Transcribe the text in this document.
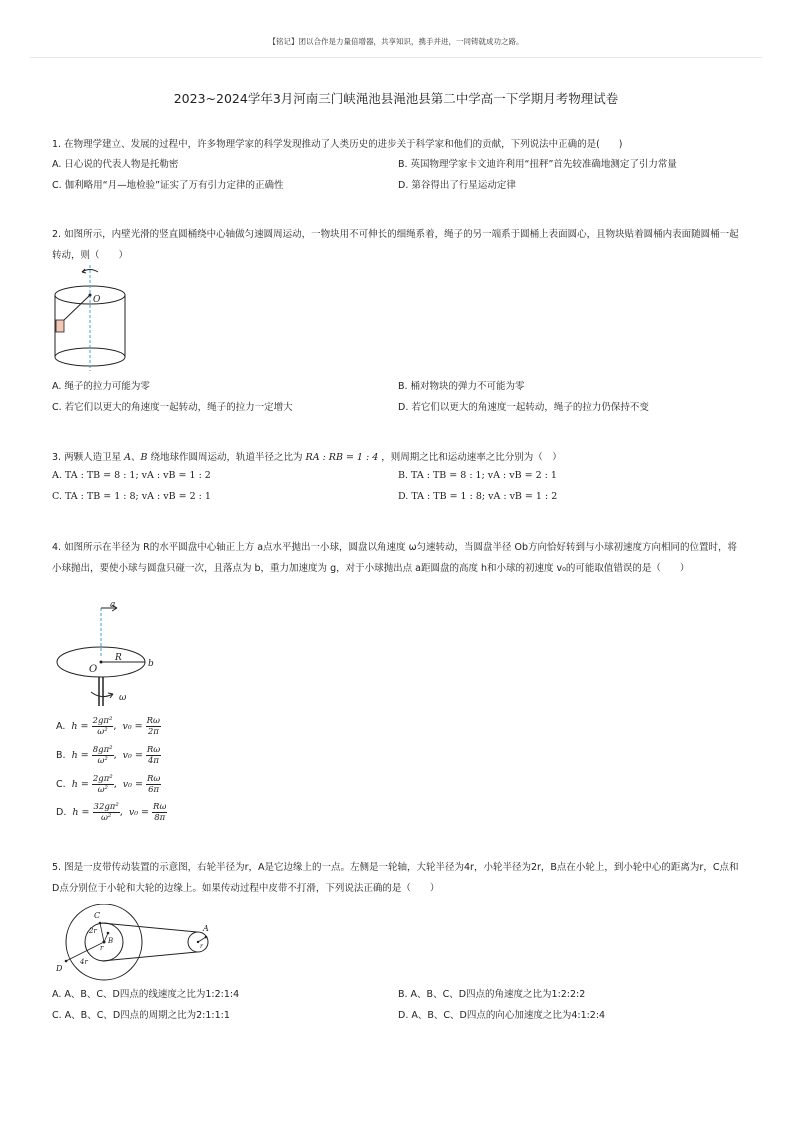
【铭记】团以合作是力量倍增器，共享知识，携手并进，一同铸就成功之路。
2023~2024学年3月河南三门峡渑池县渑池县第二中学高一下学期月考物理试卷
1. 在物理学建立、发展的过程中，许多物理学家的科学发现推动了人类历史的进步关于科学家和他们的贡献，下列说法中正确的是(　　)
A. 日心说的代表人物是托勒密	B. 英国物理学家卡文迪许利用“扭秤”首先较准确地测定了引力常量
C. 伽利略用“月—地检验”证实了万有引力定律的正确性	D. 第谷得出了行星运动定律
2. 如图所示，内壁光滑的竖直圆桶绕中心轴做匀速圆周运动，一物块用不可伸长的细绳系着，绳子的另一端系于圆桶上表面圆心，且物块贴着圆桶内表面随圆桶一起转动，则（　　）
O
A. 绳子的拉力可能为零	B. 桶对物块的弹力不可能为零
C. 若它们以更大的角速度一起转动，绳子的拉力一定增大	D. 若它们以更大的角速度一起转动，绳子的拉力仍保持不变
3. 两颗人造卫星 A、B 绕地球作圆周运动，轨道半径之比为 RA : RB = 1 : 4 ，则周期之比和运动速率之比分别为（　）
A. TA : TB = 8 : 1; vA : vB = 1 : 2	B. TA : TB = 8 : 1; vA : vB = 2 : 1
C. TA : TB = 1 : 8; vA : vB = 2 : 1	D. TA : TB = 1 : 8; vA : vB = 1 : 2
4. 如图所示在半径为 R的水平圆盘中心轴正上方 a点水平抛出一小球，圆盘以角速度 ω匀速转动，当圆盘半径 Ob方向恰好转到与小球初速度方向相同的位置时，将小球抛出，要使小球与圆盘只碰一次，且落点为 b，重力加速度为 g，对于小球抛出点 a距圆盘的高度 h和小球的初速度 v₀的可能取值错误的是（　　）
a
O
R
b
ω
A. $h = \frac{\text{2gπ²}}{\text{ω²}}$ ,  $v_0 = \frac{R\omega}{2\pi}$
B. $h = \frac{\text{8gπ²}}{\text{ω²}}$ ,  $v_0 = \frac{R\omega}{4\pi}$
C. $h = \frac{\text{2gπ²}}{\text{ω²}}$ ,  $v_0 = \frac{R\omega}{6\pi}$
D. $h = \frac{\text{32gπ²}}{\text{ω²}}$ ,  $v_0 = \frac{R\omega}{8\pi}$
5. 图是一皮带传动装置的示意图，右轮半径为r，A是它边缘上的一点。左侧是一轮轴，大轮半径为4r，小轮半径为2r，B点在小轮上，到小轮中心的距离为r，C点和D点分别位于小轮和大轮的边缘上。如果传动过程中皮带不打滑，下列说法正确的是（　　）
C
2r
B
r
4r
D
A
r
A. A、B、C、D四点的线速度之比为1:2:1:4	B. A、B、C、D四点的角速度之比为1:2:2:2
C. A、B、C、D四点的周期之比为2:1:1:1	D. A、B、C、D四点的向心加速度之比为4:1:2:4
